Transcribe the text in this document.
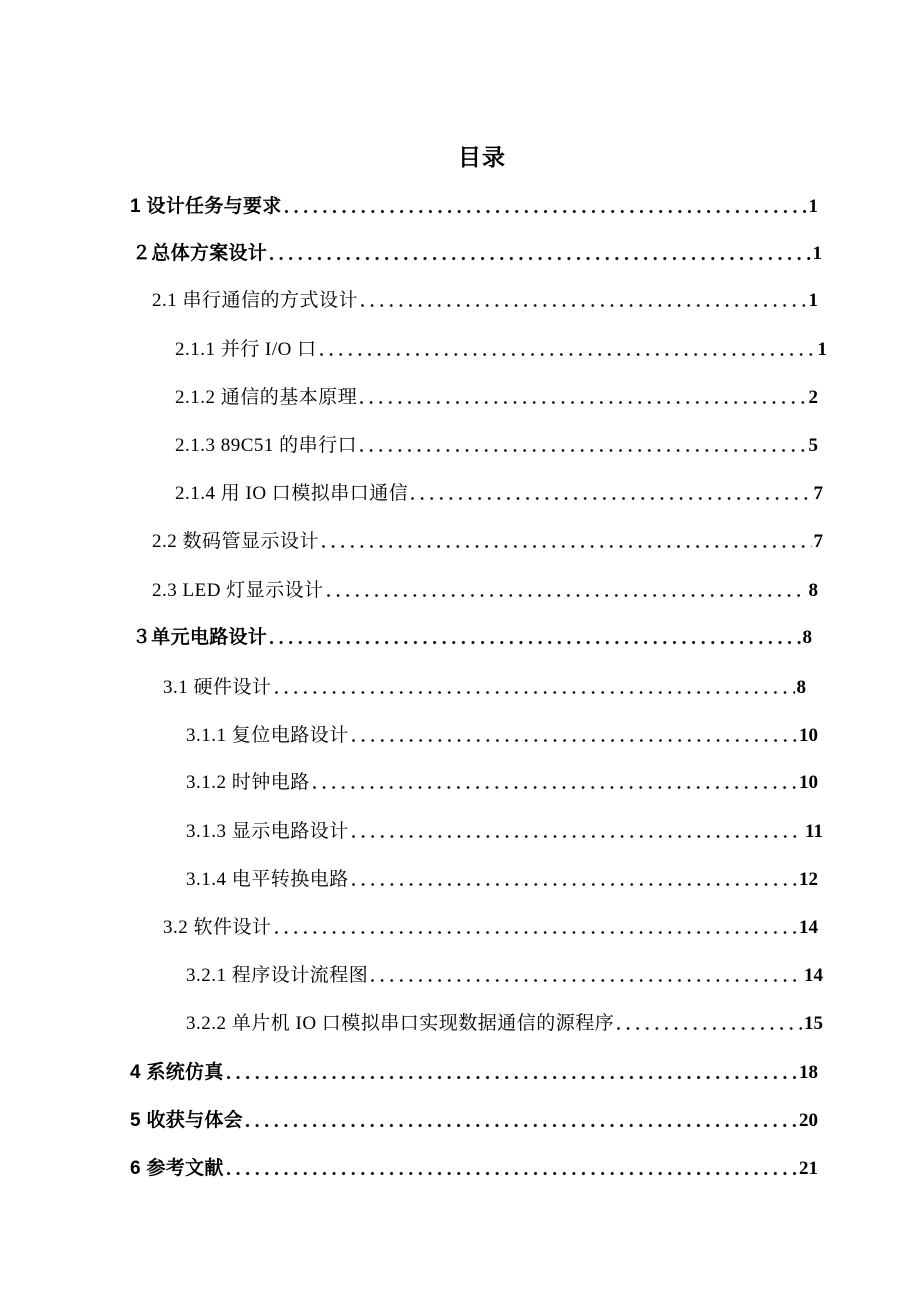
目录
1 设计任务与要求	1
２总体方案设计	1
2.1 串行通信的方式设计	1
2.1.1 并行 I/O 口	1
2.1.2 通信的基本原理	2
2.1.3 89C51 的串行口	5
2.1.4 用 IO 口模拟串口通信	7
2.2 数码管显示设计	7
2.3 LED 灯显示设计	8
３单元电路设计	8
3.1 硬件设计	8
3.1.1 复位电路设计	10
3.1.2 时钟电路	10
3.1.3 显示电路设计	11
3.1.4 电平转换电路	12
3.2 软件设计	14
3.2.1 程序设计流程图	14
3.2.2 单片机 IO 口模拟串口实现数据通信的源程序	15
4 系统仿真	18
5 收获与体会	20
6 参考文献	21
